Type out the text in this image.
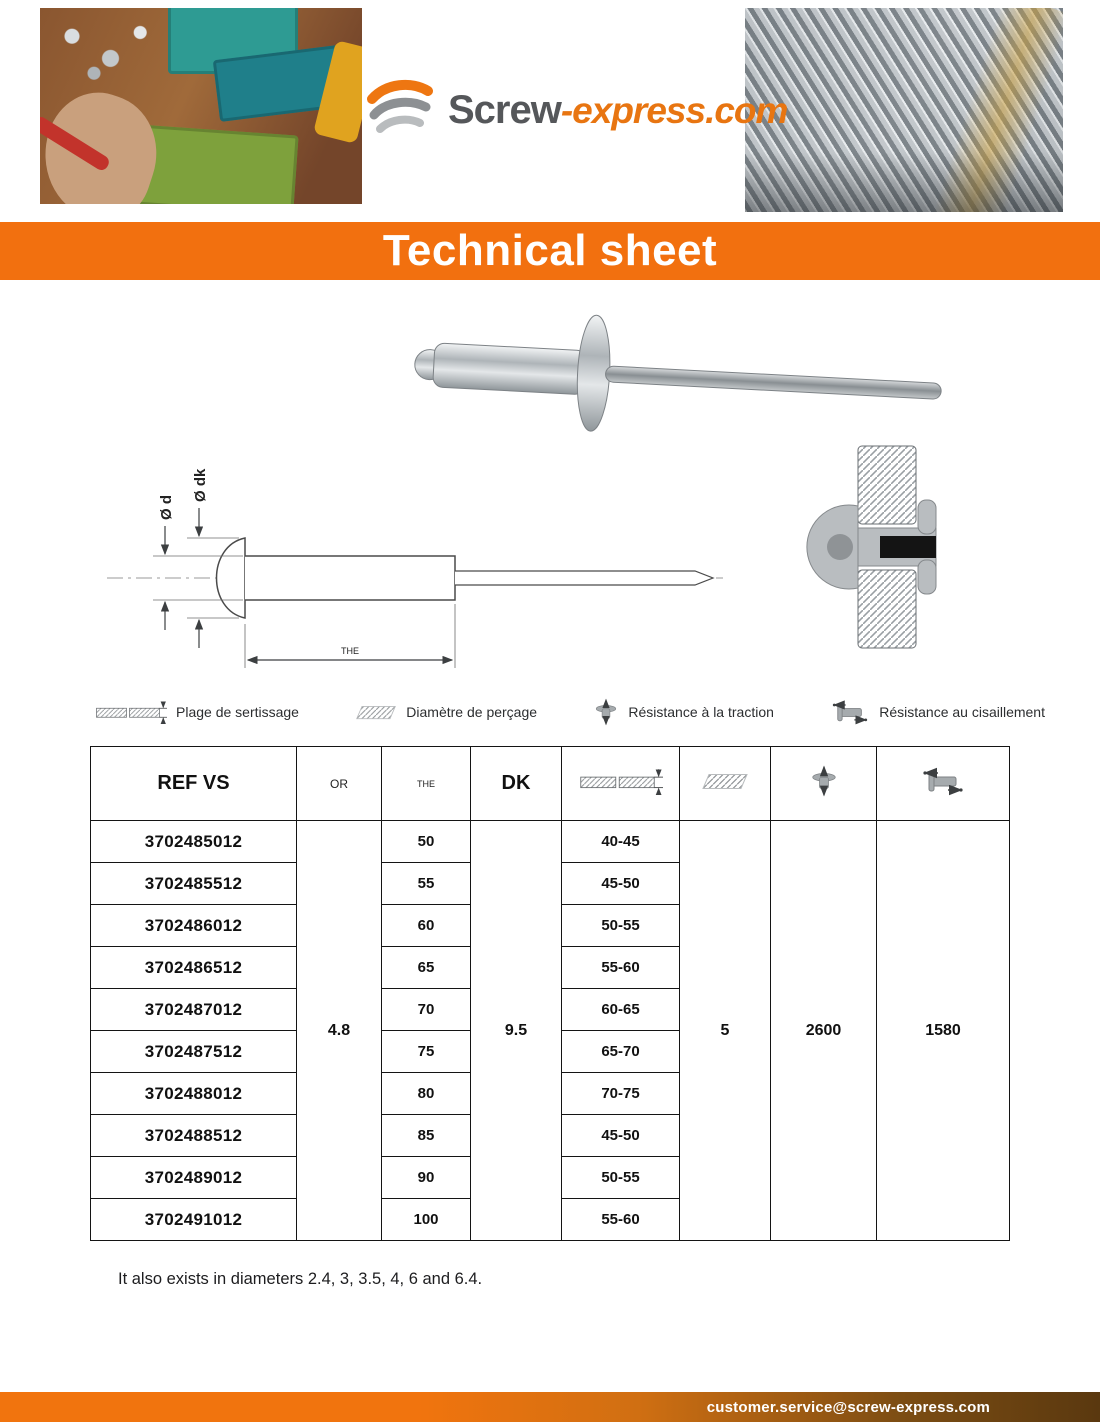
Screw-express.com
Technical sheet
Ø d
Ø dk
THE
Plage de sertissage	Diamètre de perçage	Résistance à la traction	Résistance au cisaillement
REF VS	OR	THE	DK				
3702485012	4.8	50	9.5	40-45	5	2600	1580
3702485512		55		45-50			
3702486012		60		50-55			
3702486512		65		55-60			
3702487012		70		60-65			
3702487512		75		65-70			
3702488012		80		70-75			
3702488512		85		45-50			
3702489012		90		50-55			
3702491012		100		55-60			
It also exists in diameters 2.4, 3, 3.5, 4, 6 and 6.4.
customer.service@screw-express.com
